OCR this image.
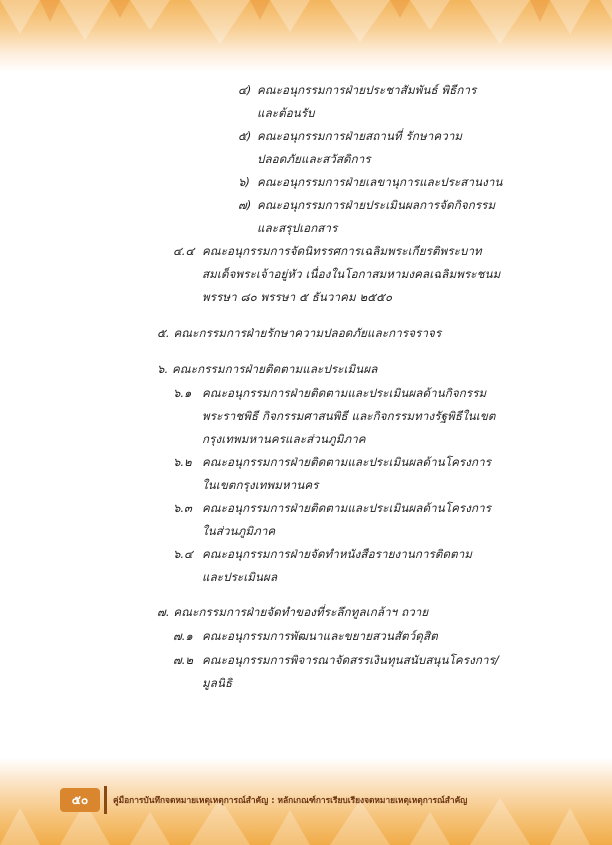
๔) คณะอนุกรรมการฝ่ายประชาสัมพันธ์ พิธีการ
และต้อนรับ
๕) คณะอนุกรรมการฝ่ายสถานที่ รักษาความ
ปลอดภัยและสวัสดิการ
๖) คณะอนุกรรมการฝ่ายเลขานุการและประสานงาน
๗) คณะอนุกรรมการฝ่ายประเมินผลการจัดกิจกรรม
และสรุปเอกสาร
๔.๔ คณะอนุกรรมการจัดนิทรรศการเฉลิมพระเกียรติพระบาท
สมเด็จพระเจ้าอยู่หัว เนื่องในโอกาสมหามงคลเฉลิมพระชนม
พรรษา ๘๐ พรรษา ๕ ธันวาคม ๒๕๕๐
๕. คณะกรรมการฝ่ายรักษาความปลอดภัยและการจราจร
๖. คณะกรรมการฝ่ายติดตามและประเมินผล
๖.๑ คณะอนุกรรมการฝ่ายติดตามและประเมินผลด้านกิจกรรม
พระราชพิธี กิจกรรมศาสนพิธี และกิจกรรมทางรัฐพิธีในเขต
กรุงเทพมหานครและส่วนภูมิภาค
๖.๒ คณะอนุกรรมการฝ่ายติดตามและประเมินผลด้านโครงการ
ในเขตกรุงเทพมหานคร
๖.๓ คณะอนุกรรมการฝ่ายติดตามและประเมินผลด้านโครงการ
ในส่วนภูมิภาค
๖.๔ คณะอนุกรรมการฝ่ายจัดทำหนังสือรายงานการติดตาม
และประเมินผล
๗. คณะกรรมการฝ่ายจัดทำของที่ระลึกทูลเกล้าฯ ถวาย
๗.๑ คณะอนุกรรมการพัฒนาและขยายสวนสัตว์ดุสิต
๗.๒ คณะอนุกรรมการพิจารณาจัดสรรเงินทุนสนับสนุนโครงการ/
มูลนิธิ
๕๐	คู่มือการบันทึกจดหมายเหตุเหตุการณ์สำคัญ : หลักเกณฑ์การเรียบเรียงจดหมายเหตุเหตุการณ์สำคัญ
